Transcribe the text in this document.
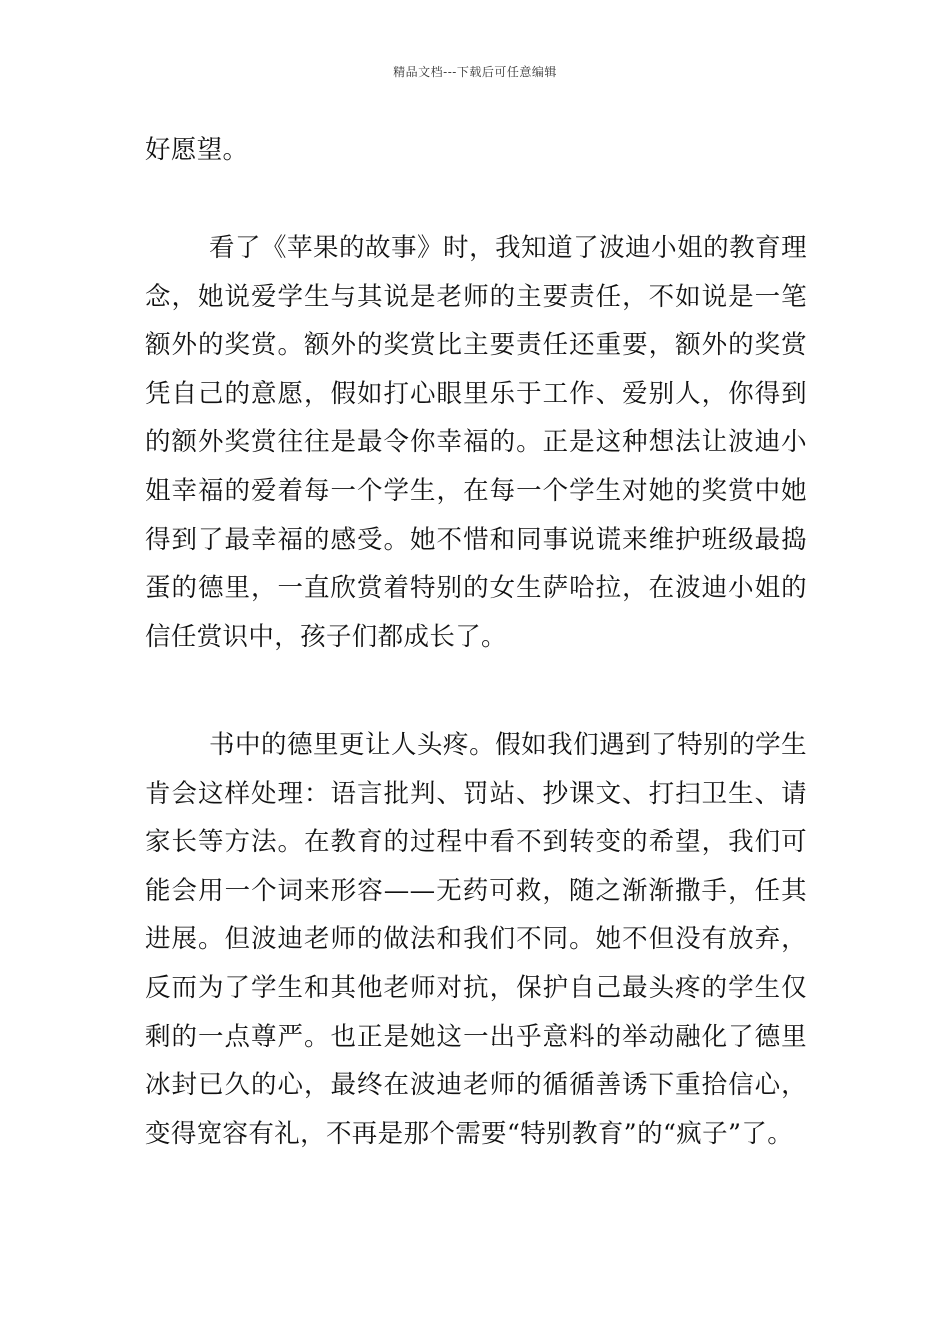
精品文档---下载后可任意编辑

好愿望。

看了《苹果的故事》时，我知道了波迪小姐的教育理念，她说爱学生与其说是老师的主要责任，不如说是一笔额外的奖赏。额外的奖赏比主要责任还重要，额外的奖赏凭自己的意愿，假如打心眼里乐于工作、爱别人，你得到的额外奖赏往往是最令你幸福的。正是这种想法让波迪小姐幸福的爱着每一个学生，在每一个学生对她的奖赏中她得到了最幸福的感受。她不惜和同事说谎来维护班级最捣蛋的德里，一直欣赏着特别的女生萨哈拉，在波迪小姐的信任赏识中，孩子们都成长了。

书中的德里更让人头疼。假如我们遇到了特别的学生肯会这样处理：语言批判、罚站、抄课文、打扫卫生、请家长等方法。在教育的过程中看不到转变的希望，我们可能会用一个词来形容——无药可救，随之渐渐撒手，任其进展。但波迪老师的做法和我们不同。她不但没有放弃，反而为了学生和其他老师对抗，保护自己最头疼的学生仅剩的一点尊严。也正是她这一出乎意料的举动融化了德里冰封已久的心，最终在波迪老师的循循善诱下重拾信心，变得宽容有礼，不再是那个需要“特别教育”的“疯子”了。
